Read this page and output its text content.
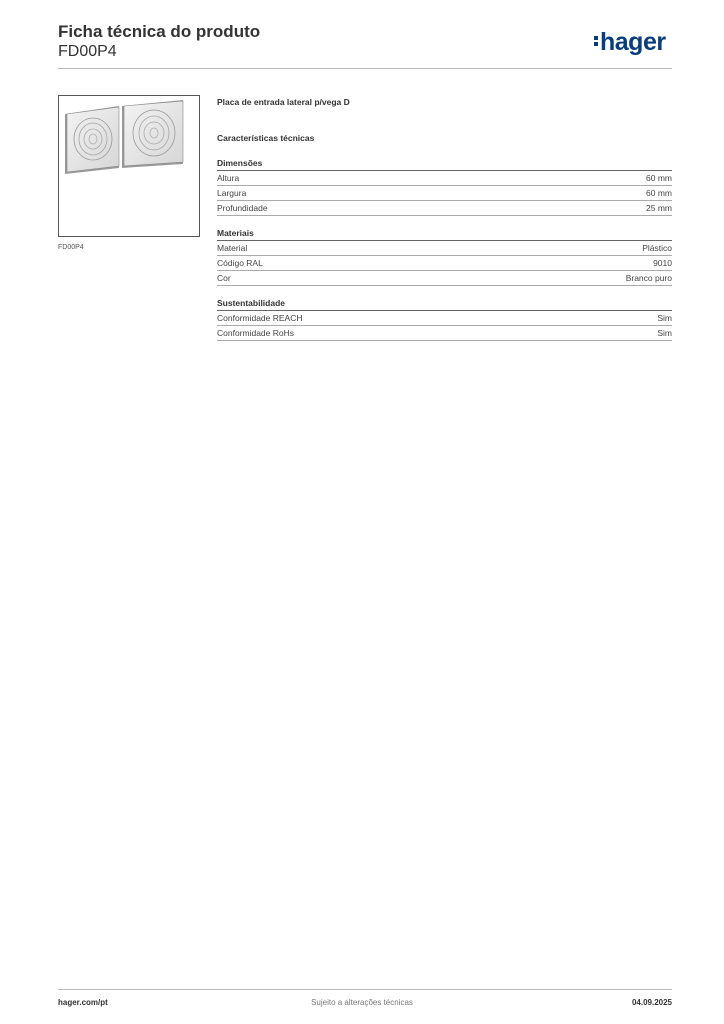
Ficha técnica do produto
FD00P4	hager
FD00P4
Placa de entrada lateral p/vega D
Características técnicas
Dimensões
Altura	60 mm
Largura	60 mm
Profundidade	25 mm
Materiais
Material	Plástico
Código RAL	9010
Cor	Branco puro
Sustentabilidade
Conformidade REACH	Sim
Conformidade RoHs	Sim
hager.com/pt	Sujeito a alterações técnicas	04.09.2025
